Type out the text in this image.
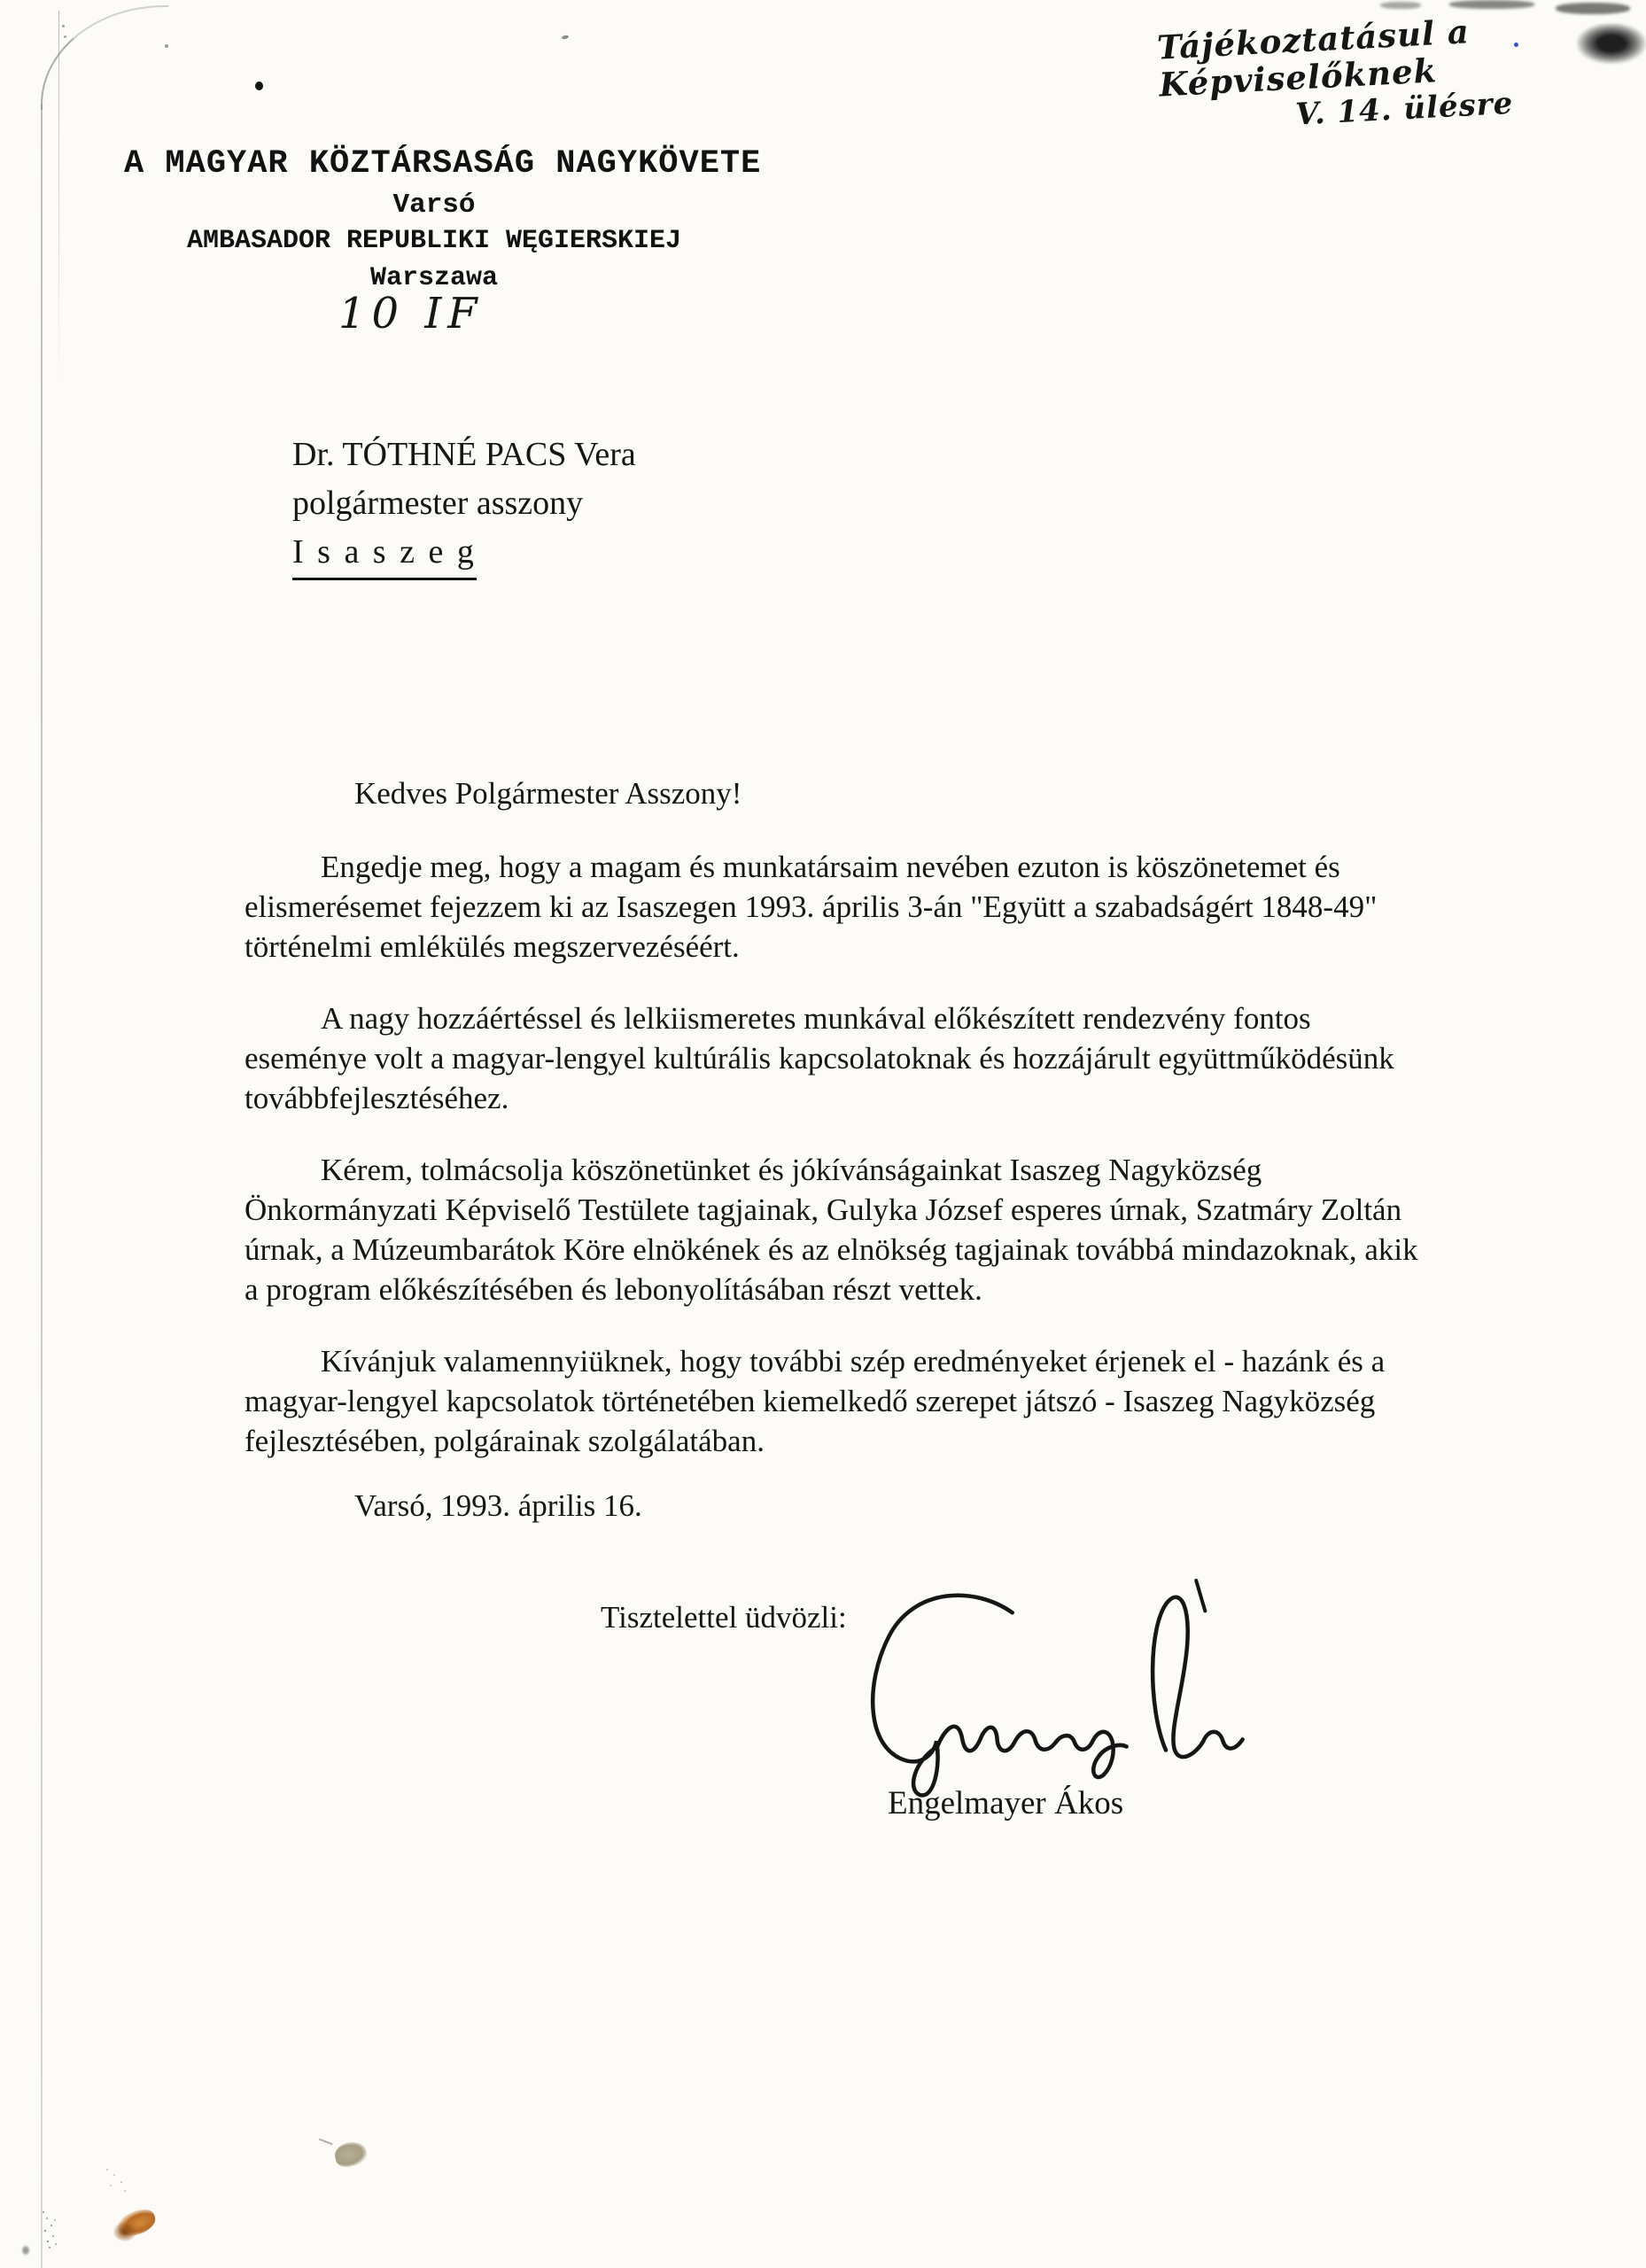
Tájékoztatásul a Képviselőknek
V. 14. ülésre
A MAGYAR KÖZTÁRSASÁG NAGYKÖVETE
Varsó
AMBASADOR REPUBLIKI WĘGIERSKIEJ
Warszawa
10 IF
Dr. TÓTHNÉ PACS Vera
polgármester asszony
I s a s z e g
Kedves Polgármester Asszony!

Engedje meg, hogy a magam és munkatársaim nevében ezuton is köszönetemet és elismerésemet fejezzem ki az Isaszegen 1993. április 3-án "Együtt a szabadságért 1848-49" történelmi emlékülés megszervezéséért.

A nagy hozzáértéssel és lelkiismeretes munkával előkészített rendezvény fontos eseménye volt a magyar-lengyel kultúrális kapcsolatoknak és hozzájárult együttműködésünk továbbfejlesztéséhez.

Kérem, tolmácsolja köszönetünket és jókívánságainkat Isaszeg Nagyközség Önkormányzati Képviselő Testülete tagjainak, Gulyka József esperes úrnak, Szatmáry Zoltán úrnak, a Múzeumbarátok Köre elnökének és az elnökség tagjainak továbbá mindazoknak, akik a program előkészítésében és lebonyolításában részt vettek.

Kívánjuk valamennyiüknek, hogy további szép eredményeket érjenek el - hazánk és a magyar-lengyel kapcsolatok történetében kiemelkedő szerepet játszó - Isaszeg Nagyközség fejlesztésében, polgárainak szolgálatában.

Varsó, 1993. április 16.
Tisztelettel üdvözli:
Engelmayer Ákos
